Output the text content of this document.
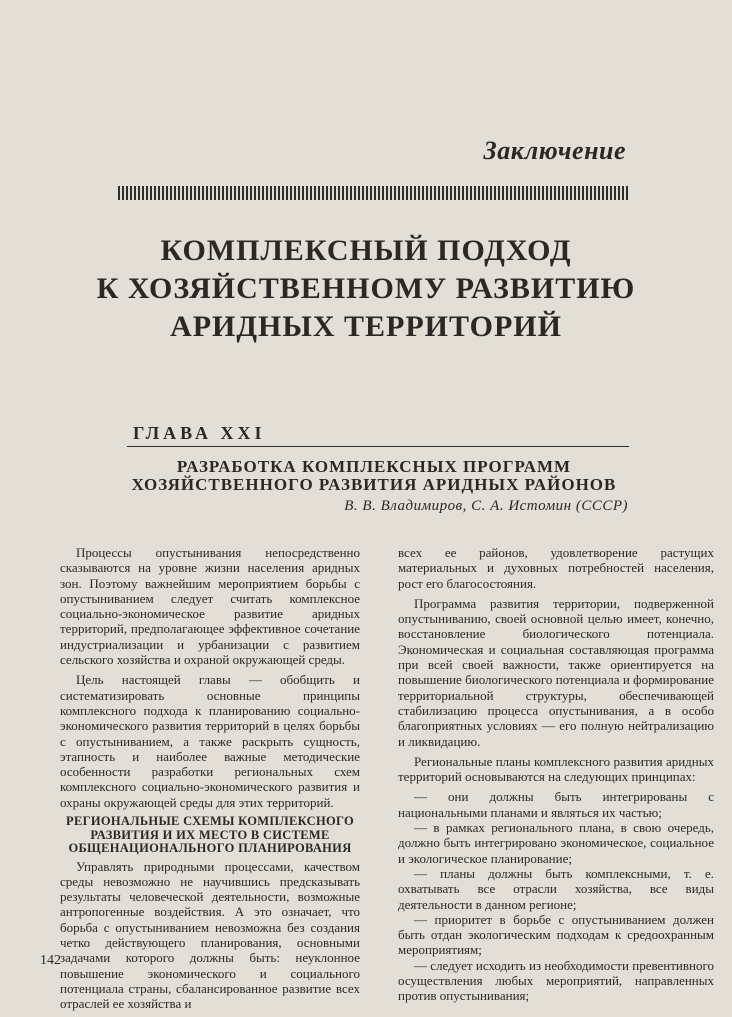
Заключение
КОМПЛЕКСНЫЙ ПОДХОД
К ХОЗЯЙСТВЕННОМУ РАЗВИТИЮ
АРИДНЫХ ТЕРРИТОРИЙ
ГЛАВА XXI
РАЗРАБОТКА КОМПЛЕКСНЫХ ПРОГРАММ
ХОЗЯЙСТВЕННОГО РАЗВИТИЯ АРИДНЫХ РАЙОНОВ
В. В. Владимиров, С. А. Истомин (СССР)

Процессы опустынивания непосредственно сказываются на уровне жизни населения аридных зон. Поэтому важнейшим мероприятием борьбы с опустыниванием следует считать комплексное социально-экономическое развитие аридных территорий, предполагающее эффективное сочетание индустриализации и урбанизации с развитием сельского хозяйства и охраной окружающей среды.

Цель настоящей главы — обобщить и систематизировать основные принципы комплексного подхода к планированию социально-экономического развития территорий в целях борьбы с опустыниванием, а также раскрыть сущность, этапность и наиболее важные методические особенности разработки региональных схем комплексного социально-экономического развития и охраны окружающей среды для этих территорий.

РЕГИОНАЛЬНЫЕ СХЕМЫ КОМПЛЕКСНОГО РАЗВИТИЯ И ИХ МЕСТО В СИСТЕМЕ ОБЩЕНАЦИОНАЛЬНОГО ПЛАНИРОВАНИЯ

Управлять природными процессами, качеством среды невозможно не научившись предсказывать результаты человеческой деятельности, возможные антропогенные воздействия. А это означает, что борьба с опустыниванием невозможна без создания четко действующего планирования, основными задачами которого должны быть: неуклонное повышение экономического и социального потенциала страны, сбалансированное развитие всех отраслей ее хозяйства и

всех ее районов, удовлетворение растущих материальных и духовных потребностей населения, рост его благосостояния.

Программа развития территории, подверженной опустыниванию, своей основной целью имеет, конечно, восстановление биологического потенциала. Экономическая и социальная составляющая программа при всей своей важности, также ориентируется на повышение биологического потенциала и формирование территориальной структуры, обеспечивающей стабилизацию процесса опустынивания, а в особо благоприятных условиях — его полную нейтрализацию и ликвидацию.

Региональные планы комплексного развития аридных территорий основываются на следующих принципах:

— они должны быть интегрированы с национальными планами и являться их частью;

— в рамках регионального плана, в свою очередь, должно быть интегрировано экономическое, социальное и экологическое планирование;

— планы должны быть комплексными, т. е. охватывать все отрасли хозяйства, все виды деятельности в данном регионе;

— приоритет в борьбе с опустыниванием должен быть отдан экологическим подходам к средоохранным мероприятиям;

— следует исходить из необходимости превентивного осуществления любых мероприятий, направленных против опустынивания;

142
